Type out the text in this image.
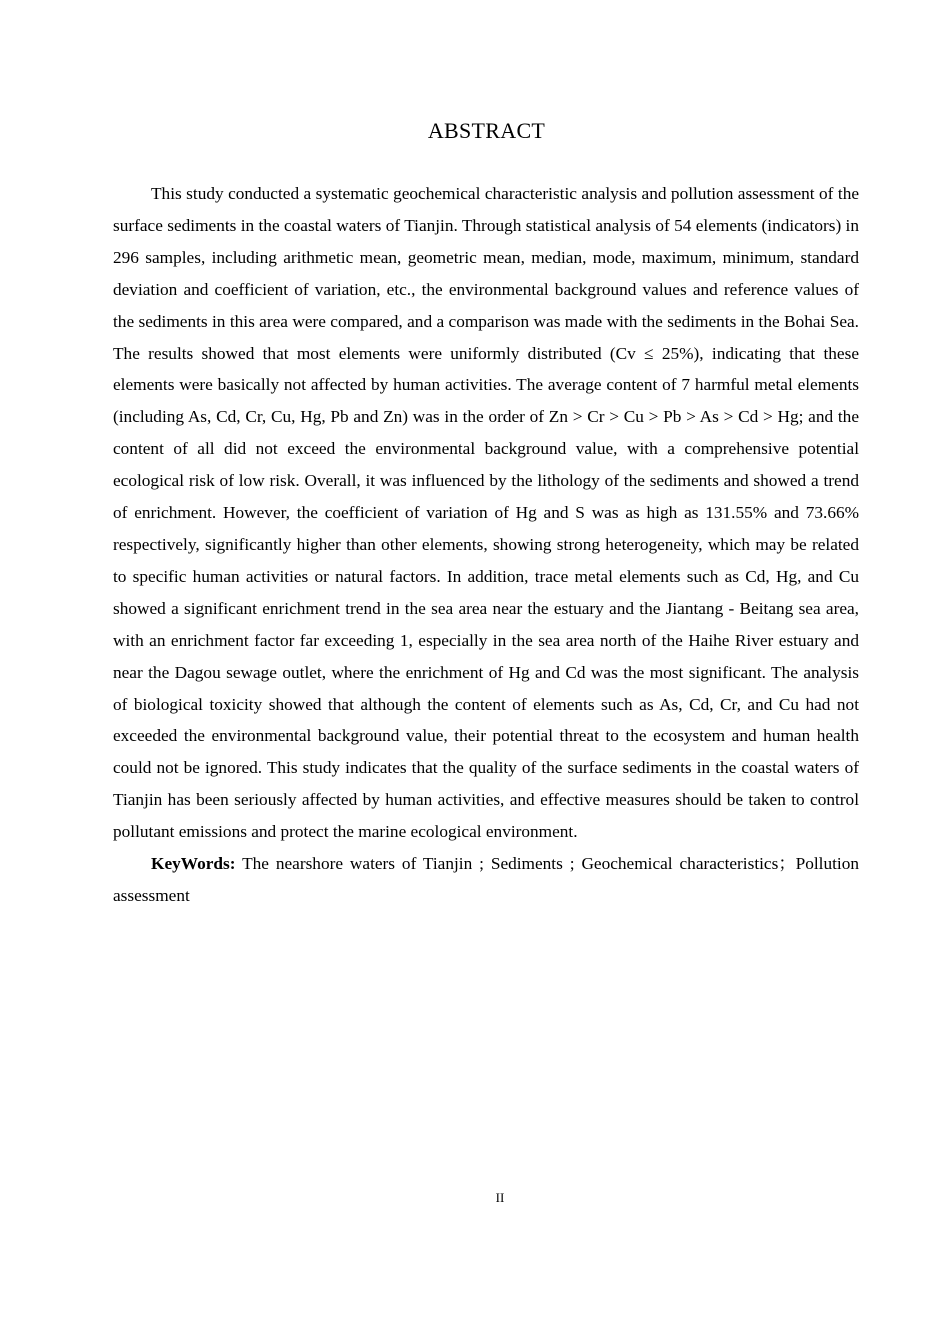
ABSTRACT

This study conducted a systematic geochemical characteristic analysis and pollution assessment of the surface sediments in the coastal waters of Tianjin. Through statistical analysis of 54 elements (indicators) in 296 samples, including arithmetic mean, geometric mean, median, mode, maximum, minimum, standard deviation and coefficient of variation, etc., the environmental background values and reference values of the sediments in this area were compared, and a comparison was made with the sediments in the Bohai Sea. The results showed that most elements were uniformly distributed (Cv ≤ 25%), indicating that these elements were basically not affected by human activities. The average content of 7 harmful metal elements (including As, Cd, Cr, Cu, Hg, Pb and Zn) was in the order of Zn > Cr > Cu > Pb > As > Cd > Hg; and the content of all did not exceed the environmental background value, with a comprehensive potential ecological risk of low risk. Overall, it was influenced by the lithology of the sediments and showed a trend of enrichment. However, the coefficient of variation of Hg and S was as high as 131.55% and 73.66% respectively, significantly higher than other elements, showing strong heterogeneity, which may be related to specific human activities or natural factors. In addition, trace metal elements such as Cd, Hg, and Cu showed a significant enrichment trend in the sea area near the estuary and the Jiantang - Beitang sea area, with an enrichment factor far exceeding 1, especially in the sea area north of the Haihe River estuary and near the Dagou sewage outlet, where the enrichment of Hg and Cd was the most significant. The analysis of biological toxicity showed that although the content of elements such as As, Cd, Cr, and Cu had not exceeded the environmental background value, their potential threat to the ecosystem and human health could not be ignored. This study indicates that the quality of the surface sediments in the coastal waters of Tianjin has been seriously affected by human activities, and effective measures should be taken to control pollutant emissions and protect the marine ecological environment.

KeyWords: The nearshore waters of Tianjin ; Sediments ; Geochemical characteristics；Pollution assessment

II
